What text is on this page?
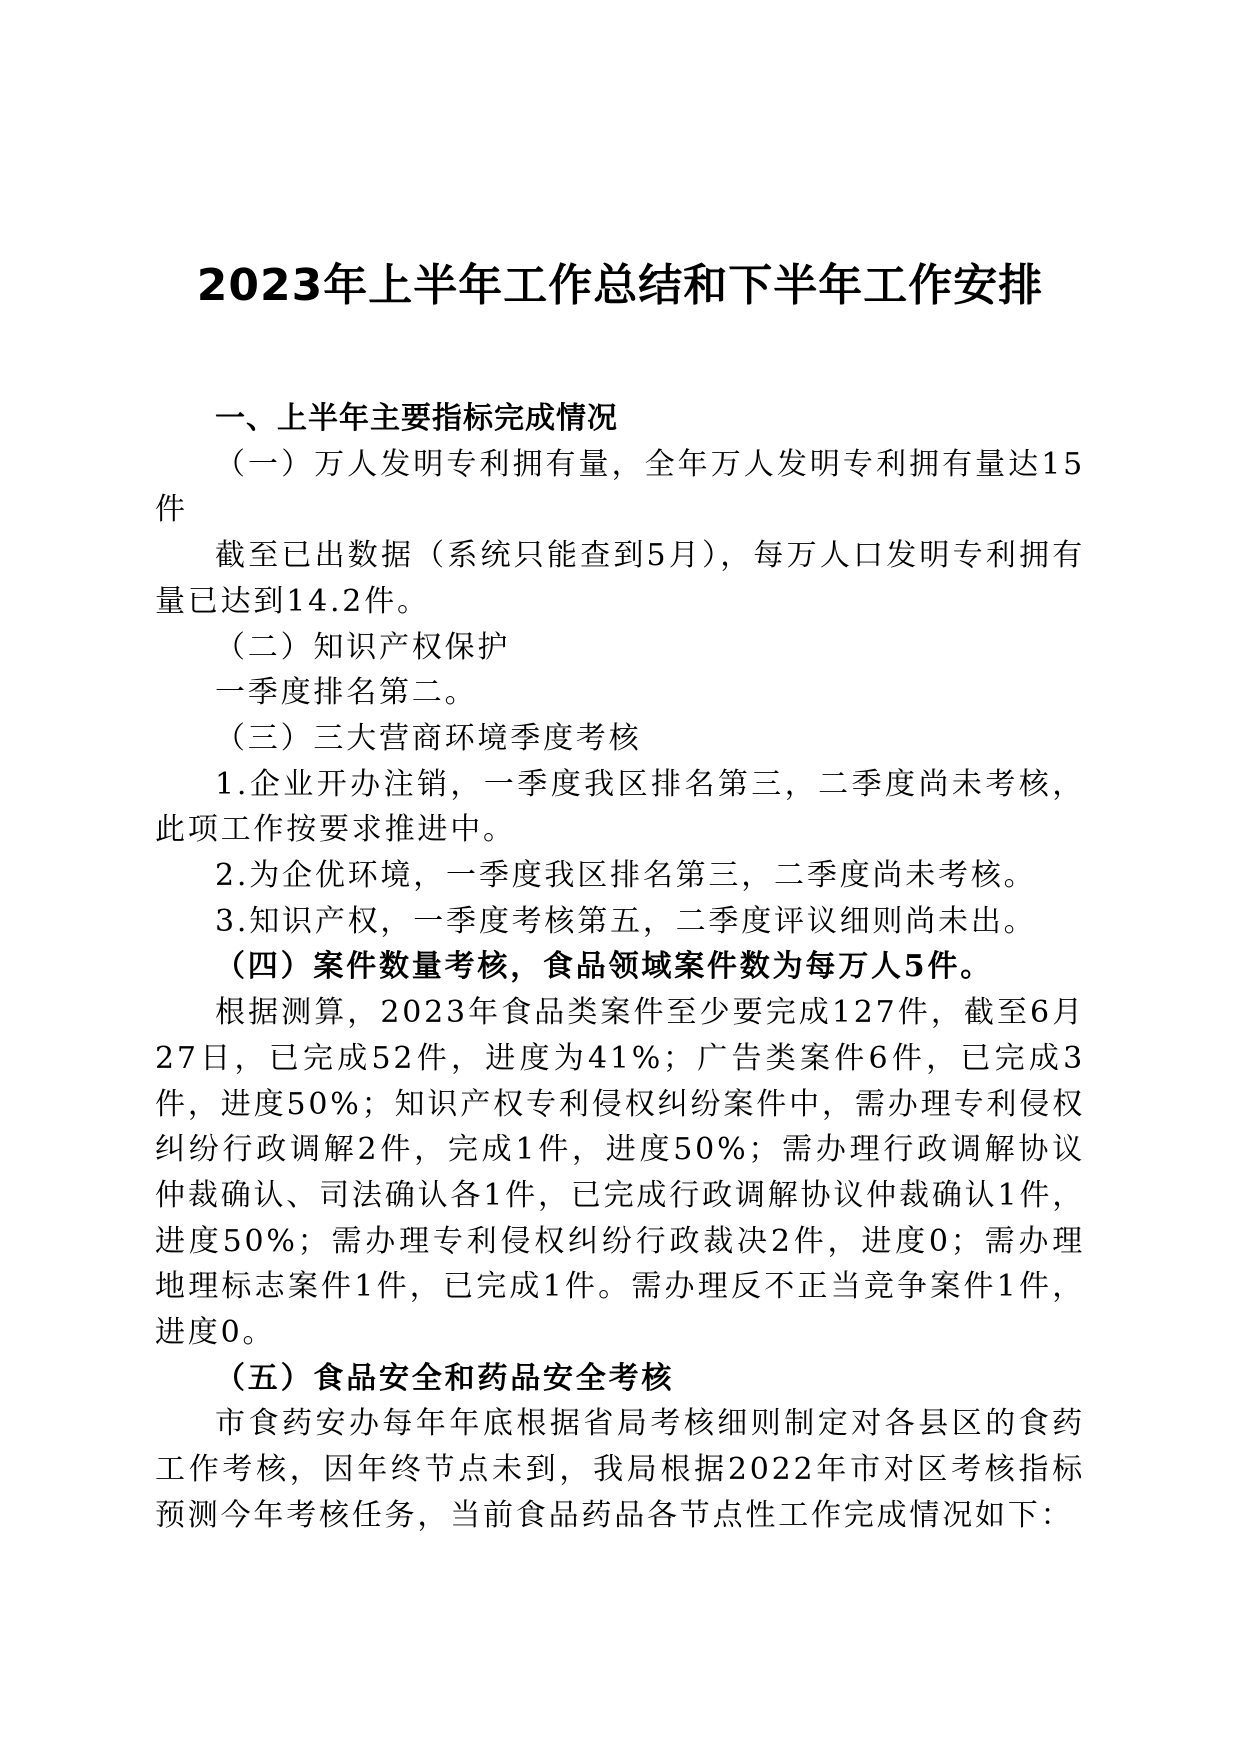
2023年上半年工作总结和下半年工作安排

一、上半年主要指标完成情况

（一）万人发明专利拥有量，全年万人发明专利拥有量达15件

截至已出数据（系统只能查到5月），每万人口发明专利拥有量已达到14.2件。

（二）知识产权保护

一季度排名第二。

（三）三大营商环境季度考核

1.企业开办注销，一季度我区排名第三，二季度尚未考核，此项工作按要求推进中。

2.为企优环境，一季度我区排名第三，二季度尚未考核。

3.知识产权，一季度考核第五，二季度评议细则尚未出。

（四）案件数量考核，食品领域案件数为每万人5件。

根据测算，2023年食品类案件至少要完成127件，截至6月27日，已完成52件，进度为41%；广告类案件6件，已完成3件，进度50%；知识产权专利侵权纠纷案件中，需办理专利侵权纠纷行政调解2件，完成1件，进度50%；需办理行政调解协议仲裁确认、司法确认各1件，已完成行政调解协议仲裁确认1件，进度50%；需办理专利侵权纠纷行政裁决2件，进度0；需办理地理标志案件1件，已完成1件。需办理反不正当竞争案件1件，进度0。

（五）食品安全和药品安全考核

市食药安办每年年底根据省局考核细则制定对各县区的食药工作考核，因年终节点未到，我局根据2022年市对区考核指标预测今年考核任务，当前食品药品各节点性工作完成情况如下：
